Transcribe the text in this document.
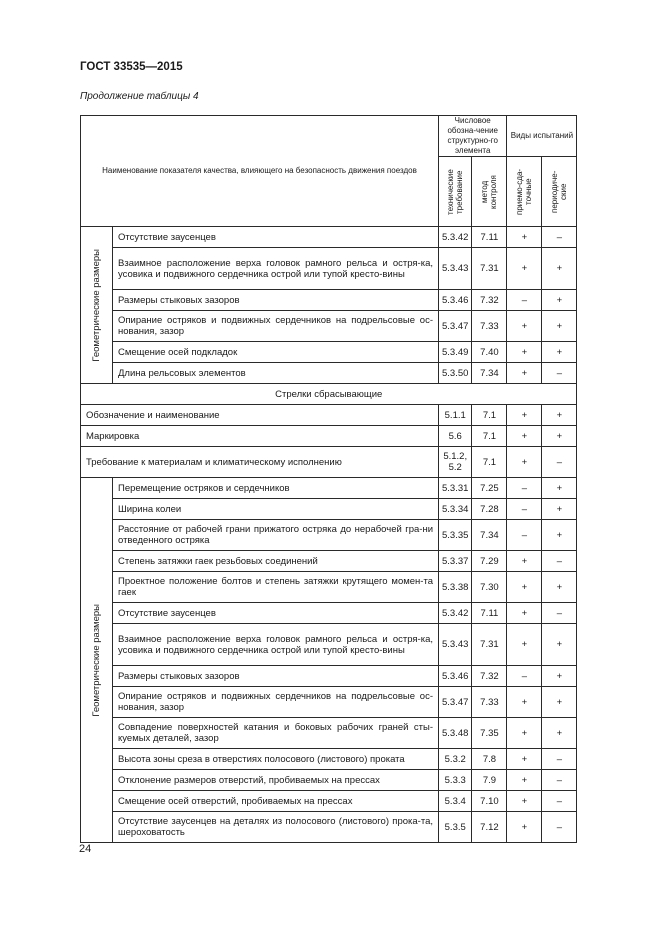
ГОСТ 33535—2015
Продолжение таблицы 4
Наименование показателя качества, влияющего на безопасность движения поездов		Числовое обозна-чение структурно-го элемента		Виды испытаний	

		технические требование	метод контроля	приемо-сда-точные	периодиче-ские

Геометрические размеры	Отсутствие заусенцев	5.3.42	7.11	+	–
	Взаимное расположение верха головок рамного рельса и остря-ка, усовика и подвижного сердечника острой или тупой кресто-вины	5.3.43	7.31	+	+
	Размеры стыковых зазоров	5.3.46	7.32	–	+
	Опирание остряков и подвижных сердечников на подрельсовые ос-нования, зазор	5.3.47	7.33	+	+
	Смещение осей подкладок	5.3.49	7.40	+	+
	Длина рельсовых элементов	5.3.50	7.34	+	–
Стрелки сбрасывающие					
Обозначение и наименование		5.1.1	7.1	+	+
Маркировка		5.6	7.1	+	+
Требование к материалам и климатическому исполнению		5.1.2, 5.2	7.1	+	–

Геометрические размеры	Перемещение остряков и сердечников	5.3.31	7.25	–	+
	Ширина колеи	5.3.34	7.28	–	+
	Расстояние от рабочей грани прижатого остряка до нерабочей гра-ни отведенного остряка	5.3.35	7.34	–	+
	Степень затяжки гаек резьбовых соединений	5.3.37	7.29	+	–
	Проектное положение болтов и степень затяжки крутящего момен-та гаек	5.3.38	7.30	+	+
	Отсутствие заусенцев	5.3.42	7.11	+	–
	Взаимное расположение верха головок рамного рельса и остря-ка, усовика и подвижного сердечника острой или тупой кресто-вины	5.3.43	7.31	+	+
	Размеры стыковых зазоров	5.3.46	7.32	–	+
	Опирание остряков и подвижных сердечников на подрельсовые ос-нования, зазор	5.3.47	7.33	+	+
	Совпадение поверхностей катания и боковых рабочих граней сты-куемых деталей, зазор	5.3.48	7.35	+	+
	Высота зоны среза в отверстиях полосового (листового) проката	5.3.2	7.8	+	–
	Отклонение размеров отверстий, пробиваемых на прессах	5.3.3	7.9	+	–
	Смещение осей отверстий, пробиваемых на прессах	5.3.4	7.10	+	–
	Отсутствие заусенцев на деталях из полосового (листового) прока-та, шероховатость	5.3.5	7.12	+	–
24
